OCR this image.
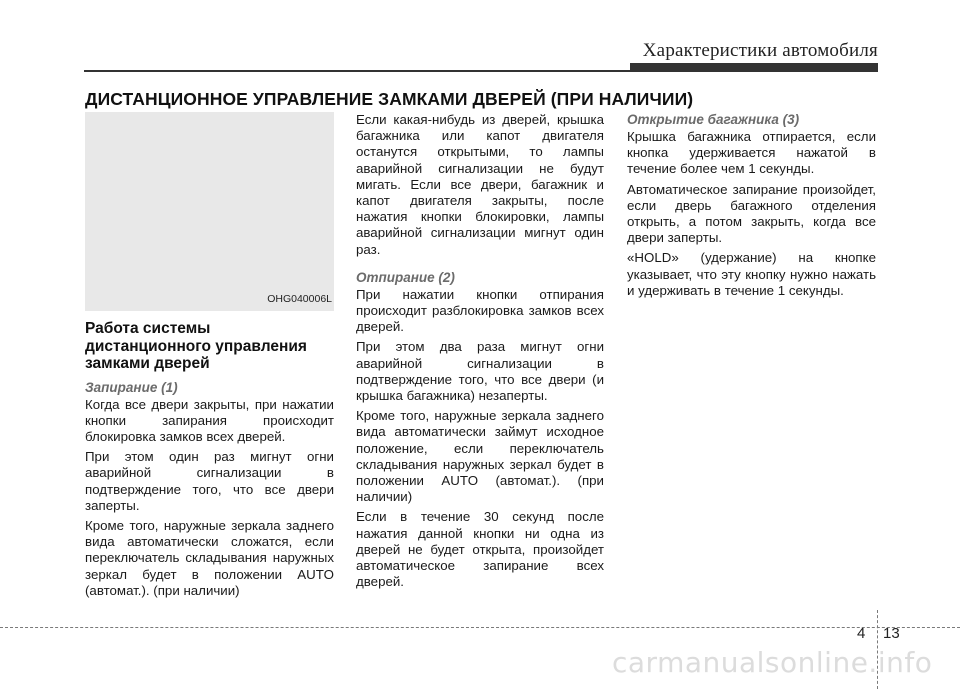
Характеристики автомобиля
ДИСТАНЦИОННОЕ УПРАВЛЕНИЕ ЗАМКАМИ ДВЕРЕЙ (ПРИ НАЛИЧИИ)
OHG040006L
Работа системы дистанционного управления замками дверей
Запирание (1)

Когда все двери закрыты, при нажатии кнопки запирания происходит блокировка замков всех дверей.

При этом один раз мигнут огни аварийной сигнализации в подтверждение того, что все двери заперты.

Кроме того, наружные зеркала заднего вида автоматически сложатся, если переключатель складывания наружных зеркал будет в положении AUTO (автомат.). (при наличии)

Если какая-нибудь из дверей, крышка багажника или капот двигателя останутся открытыми, то лампы аварийной сигнализации не будут мигать. Если все двери, багажник и капот двигателя закрыты, после нажатия кнопки блокировки, лампы аварийной сигнализации мигнут один раз.

Отпирание (2)

При нажатии кнопки отпирания происходит разблокировка замков всех дверей.

При этом два раза мигнут огни аварийной сигнализации в подтверждение того, что все двери (и крышка багажника) незаперты.

Кроме того, наружные зеркала заднего вида автоматически займут исходное положение, если переключатель складывания наружных зеркал будет в положении AUTO (автомат.). (при наличии)

Если в течение 30 секунд после нажатия данной кнопки ни одна из дверей не будет открыта, произойдет автоматическое запирание всех дверей.

Открытие багажника (3)

Крышка багажника отпирается, если кнопка удерживается нажатой в течение более чем 1 секунды.

Автоматическое запирание произойдет, если дверь багажного отделения открыть, а потом закрыть, когда все двери заперты.

«HOLD» (удержание) на кнопке указывает, что эту кнопку нужно нажать и удерживать в течение 1 секунды.

4 13
carmanualsonline.info
